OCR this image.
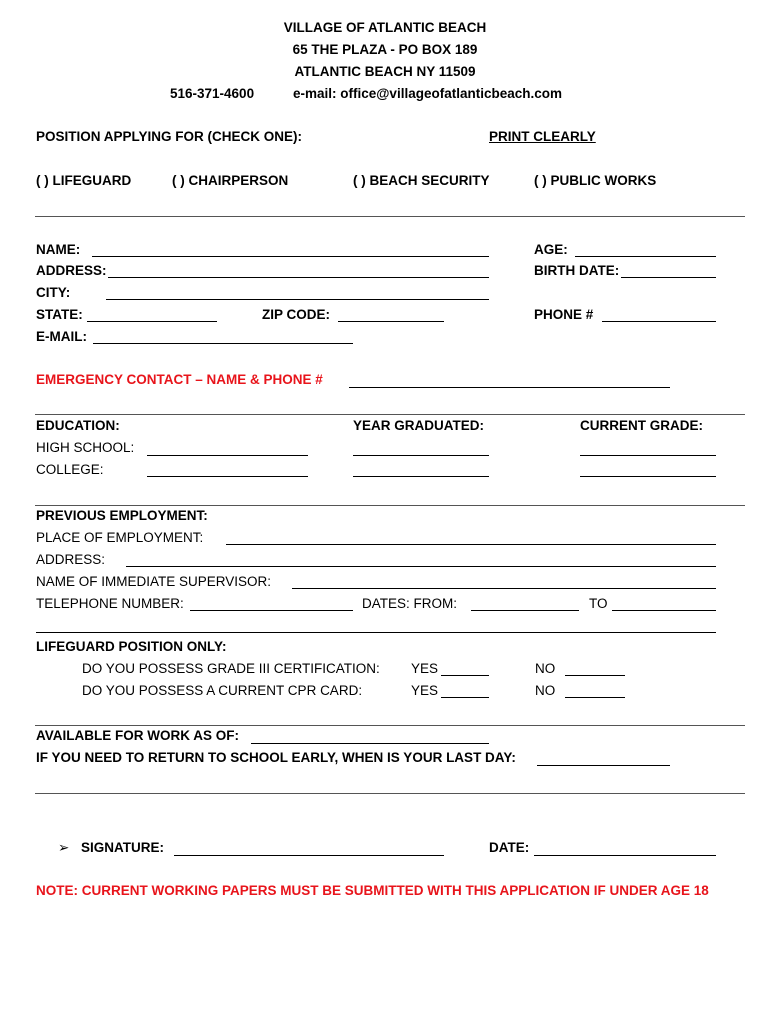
VILLAGE OF ATLANTIC BEACH
65 THE PLAZA - PO BOX 189
ATLANTIC BEACH NY 11509
516-371-4600	e-mail: office@villageofatlanticbeach.com
POSITION APPLYING FOR (CHECK ONE):	PRINT CLEARLY
( ) LIFEGUARD	( ) CHAIRPERSON	( ) BEACH SECURITY	( ) PUBLIC WORKS
NAME:
ADDRESS:
CITY:
STATE:	ZIP CODE:
E-MAIL:
AGE:
BIRTH DATE:
PHONE #
EMERGENCY CONTACT – NAME & PHONE #
EDUCATION:	YEAR GRADUATED:	CURRENT GRADE:
HIGH SCHOOL:
COLLEGE:
PREVIOUS EMPLOYMENT:
PLACE OF EMPLOYMENT:
ADDRESS:
NAME OF IMMEDIATE SUPERVISOR:
TELEPHONE NUMBER:	DATES: FROM:	TO
LIFEGUARD POSITION ONLY:
DO YOU POSSESS GRADE III CERTIFICATION: YES	NO
DO YOU POSSESS A CURRENT CPR CARD:	YES	NO
AVAILABLE FOR WORK AS OF:
IF YOU NEED TO RETURN TO SCHOOL EARLY, WHEN IS YOUR LAST DAY:
➢ SIGNATURE:	DATE:
NOTE: CURRENT WORKING PAPERS MUST BE SUBMITTED WITH THIS APPLICATION IF UNDER AGE 18
